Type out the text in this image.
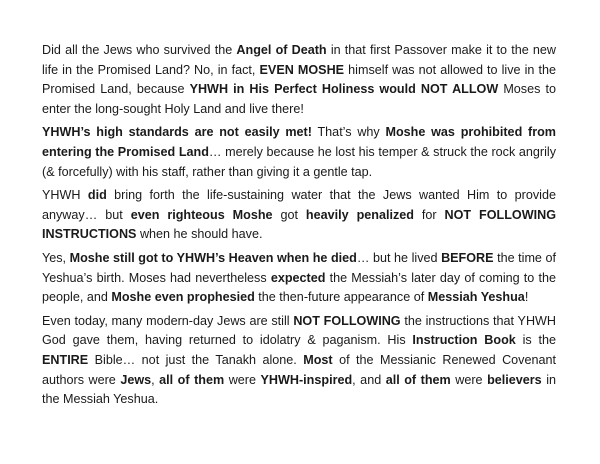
Did all the Jews who survived the Angel of Death in that first Passover make it to the new life in the Promised Land? No, in fact, EVEN MOSHE himself was not allowed to live in the Promised Land, because YHWH in His Perfect Holiness would NOT ALLOW Moses to enter the long-sought Holy Land and live there!

YHWH’s high standards are not easily met! That’s why Moshe was prohibited from entering the Promised Land… merely because he lost his temper & struck the rock angrily (& forcefully) with his staff, rather than giving it a gentle tap.

YHWH did bring forth the life-sustaining water that the Jews wanted Him to provide anyway… but even righteous Moshe got heavily penalized for NOT FOLLOWING INSTRUCTIONS when he should have.

Yes, Moshe still got to YHWH’s Heaven when he died… but he lived BEFORE the time of Yeshua’s birth. Moses had nevertheless expected the Messiah’s later day of coming to the people, and Moshe even prophesied the then-future appearance of Messiah Yeshua!

Even today, many modern-day Jews are still NOT FOLLOWING the instructions that YHWH God gave them, having returned to idolatry & paganism. His Instruction Book is the ENTIRE Bible… not just the Tanakh alone. Most of the Messianic Renewed Covenant authors were Jews, all of them were YHWH-inspired, and all of them were believers in the Messiah Yeshua.
